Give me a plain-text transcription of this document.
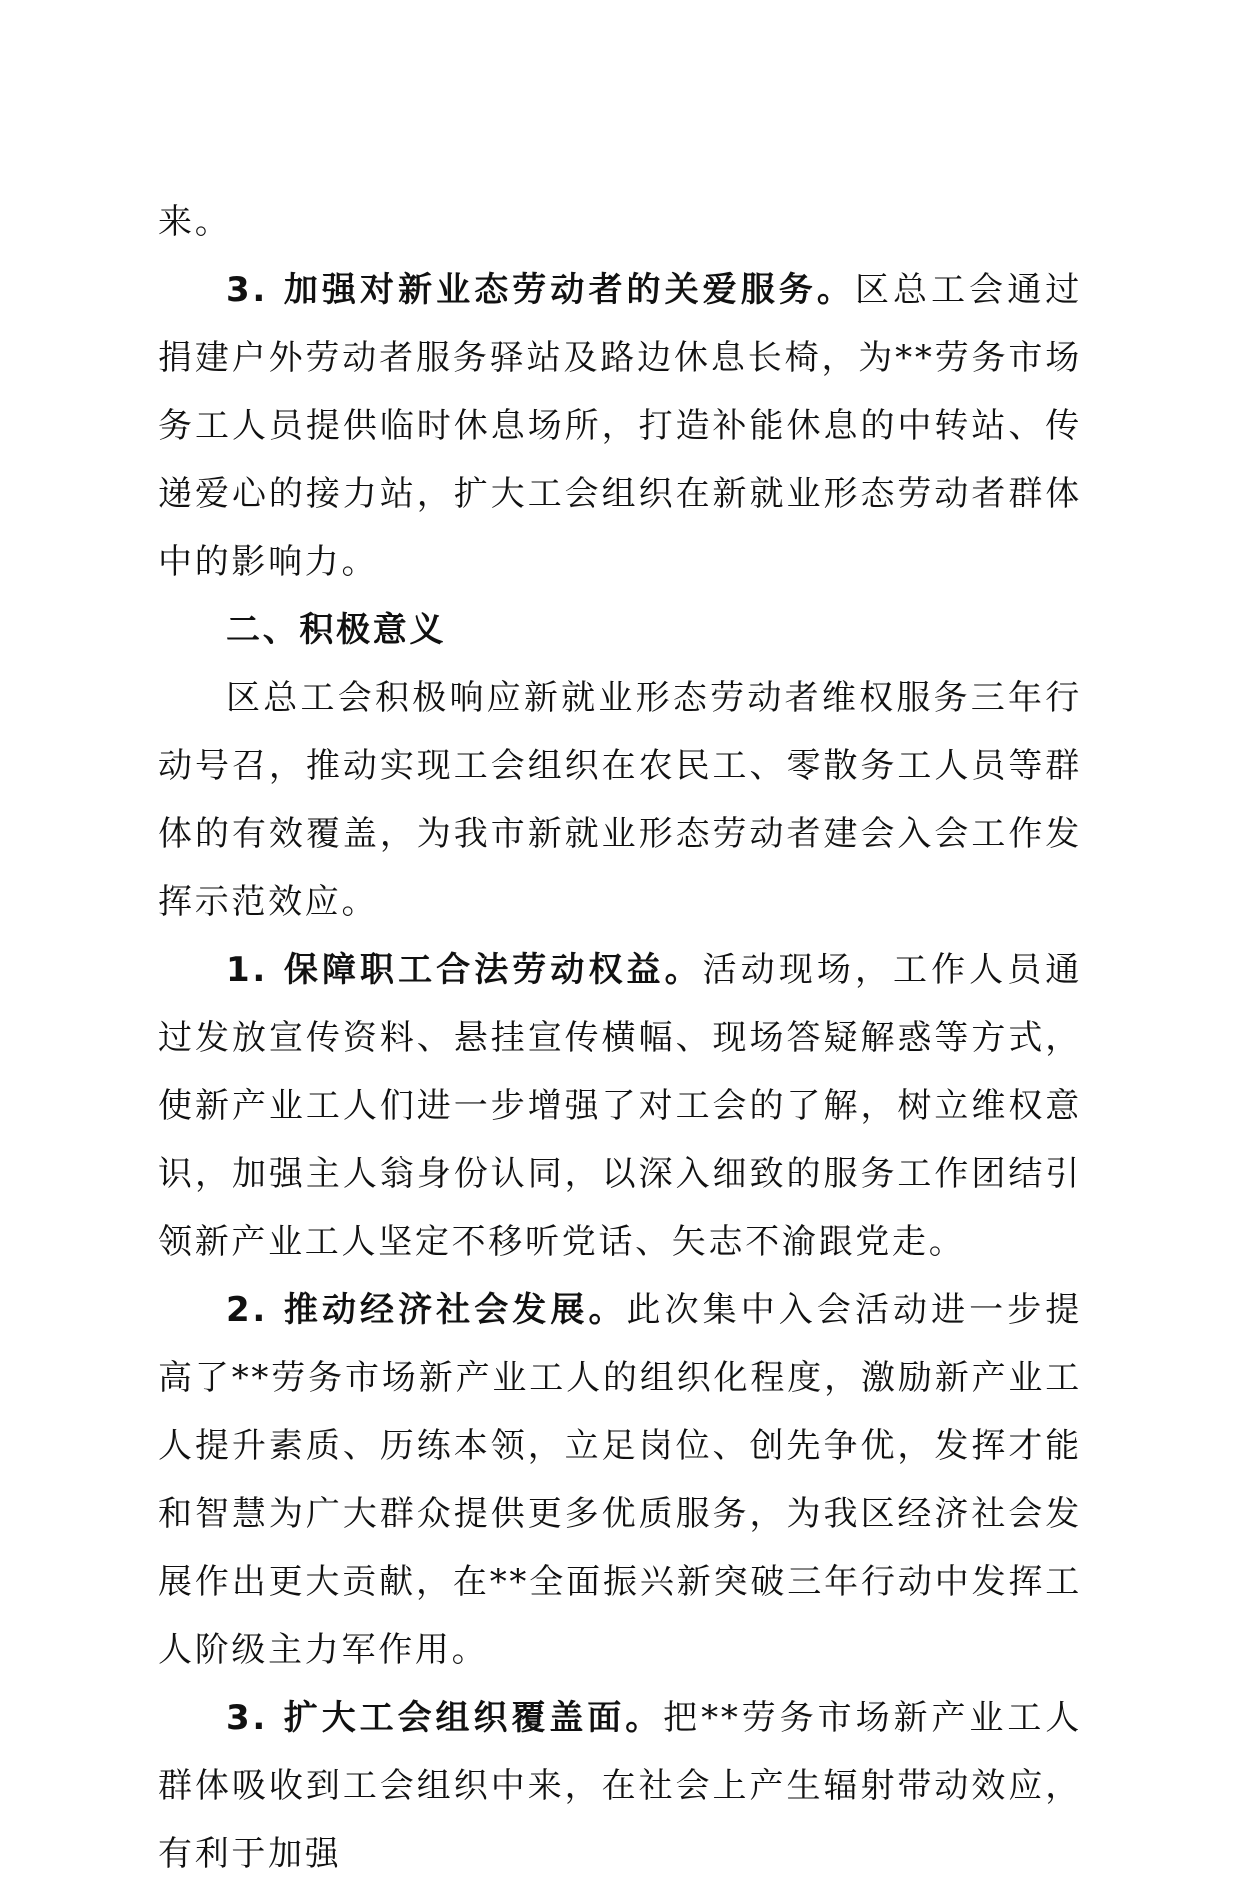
来。

3. 加强对新业态劳动者的关爱服务。区总工会通过捐建户外劳动者服务驿站及路边休息长椅，为**劳务市场务工人员提供临时休息场所，打造补能休息的中转站、传递爱心的接力站，扩大工会组织在新就业形态劳动者群体中的影响力。

二、积极意义

区总工会积极响应新就业形态劳动者维权服务三年行动号召，推动实现工会组织在农民工、零散务工人员等群体的有效覆盖，为我市新就业形态劳动者建会入会工作发挥示范效应。

1. 保障职工合法劳动权益。活动现场，工作人员通过发放宣传资料、悬挂宣传横幅、现场答疑解惑等方式，使新产业工人们进一步增强了对工会的了解，树立维权意识，加强主人翁身份认同，以深入细致的服务工作团结引领新产业工人坚定不移听党话、矢志不渝跟党走。

2. 推动经济社会发展。此次集中入会活动进一步提高了**劳务市场新产业工人的组织化程度，激励新产业工人提升素质、历练本领，立足岗位、创先争优，发挥才能和智慧为广大群众提供更多优质服务，为我区经济社会发展作出更大贡献，在**全面振兴新突破三年行动中发挥工人阶级主力军作用。

3. 扩大工会组织覆盖面。把**劳务市场新产业工人群体吸收到工会组织中来，在社会上产生辐射带动效应，有利于加强
